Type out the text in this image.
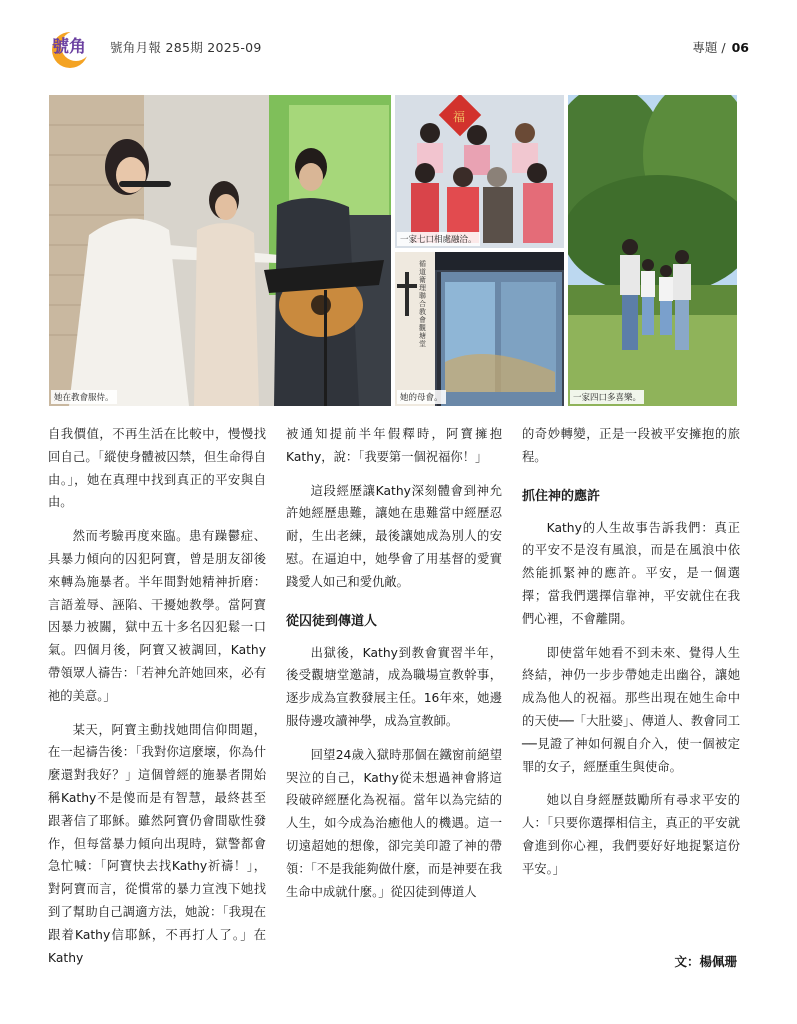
號角 號角月報 285期 2025-09	專題 / 06
她在教會服侍。
福
一家七口相處融洽。
循道衛理聯合教會觀塘堂
她的母會。	一家四口多喜樂。

自我價值，不再生活在比較中，慢慢找回自己。「縱使身體被囚禁，但生命得自由。」，她在真理中找到真正的平安與自由。

然而考驗再度來臨。患有躁鬱症、具暴力傾向的囚犯阿寶，曾是朋友卻後來轉為施暴者。半年間對她精神折磨：言語羞辱、誣陷、干擾她教學。當阿寶因暴力被關，獄中五十多名囚犯鬆一口氣。四個月後，阿寶又被調回，Kathy帶領眾人禱告：「若神允許她回來，必有祂的美意。」

某天，阿寶主動找她問信仰問題，在一起禱告後：「我對你這麼壞，你為什麼還對我好？」這個曾經的施暴者開始稱Kathy不是傻而是有智慧，最終甚至跟著信了耶穌。雖然阿寶仍會間歇性發作，但每當暴力傾向出現時，獄警都會急忙喊：「阿寶快去找Kathy祈禱！」，對阿寶而言，從慣常的暴力宣洩下她找到了幫助自己調適方法，她說：「我現在跟着Kathy信耶穌，不再打人了。」在Kathy

被通知提前半年假釋時，阿寶擁抱Kathy，說：「我要第一個祝福你！」

這段經歷讓Kathy深刻體會到神允許她經歷患難，讓她在患難當中經歷忍耐，生出老練，最後讓她成為別人的安慰。在逼迫中，她學會了用基督的愛實踐愛人如己和愛仇敵。

從囚徒到傳道人

出獄後，Kathy到教會實習半年，後受觀塘堂邀請，成為職場宣教幹事，逐步成為宣教發展主任。16年來，她邊服侍邊攻讀神學，成為宣教師。

回望24歲入獄時那個在鐵窗前絕望哭泣的自己，Kathy從未想過神會將這段破碎經歷化為祝福。當年以為完結的人生，如今成為治癒他人的機遇。這一切遠超她的想像，卻完美印證了神的帶領：「不是我能夠做什麼，而是神要在我生命中成就什麼。」從囚徒到傳道人

的奇妙轉變，正是一段被平安擁抱的旅程。

抓住神的應許

Kathy的人生故事告訴我們：真正的平安不是沒有風浪，而是在風浪中依然能抓緊神的應許。平安，是一個選擇；當我們選擇信靠神，平安就住在我們心裡，不會離開。

即使當年她看不到未來、覺得人生終結，神仍一步步帶她走出幽谷，讓她成為他人的祝福。那些出現在她生命中的天使──「大肚婆」、傳道人、教會同工──見證了神如何親自介入，使一個被定罪的女子，經歷重生與使命。

她以自身經歷鼓勵所有尋求平安的人：「只要你選擇相信主，真正的平安就會進到你心裡，我們要好好地捉緊這份平安。」

文：楊佩珊
